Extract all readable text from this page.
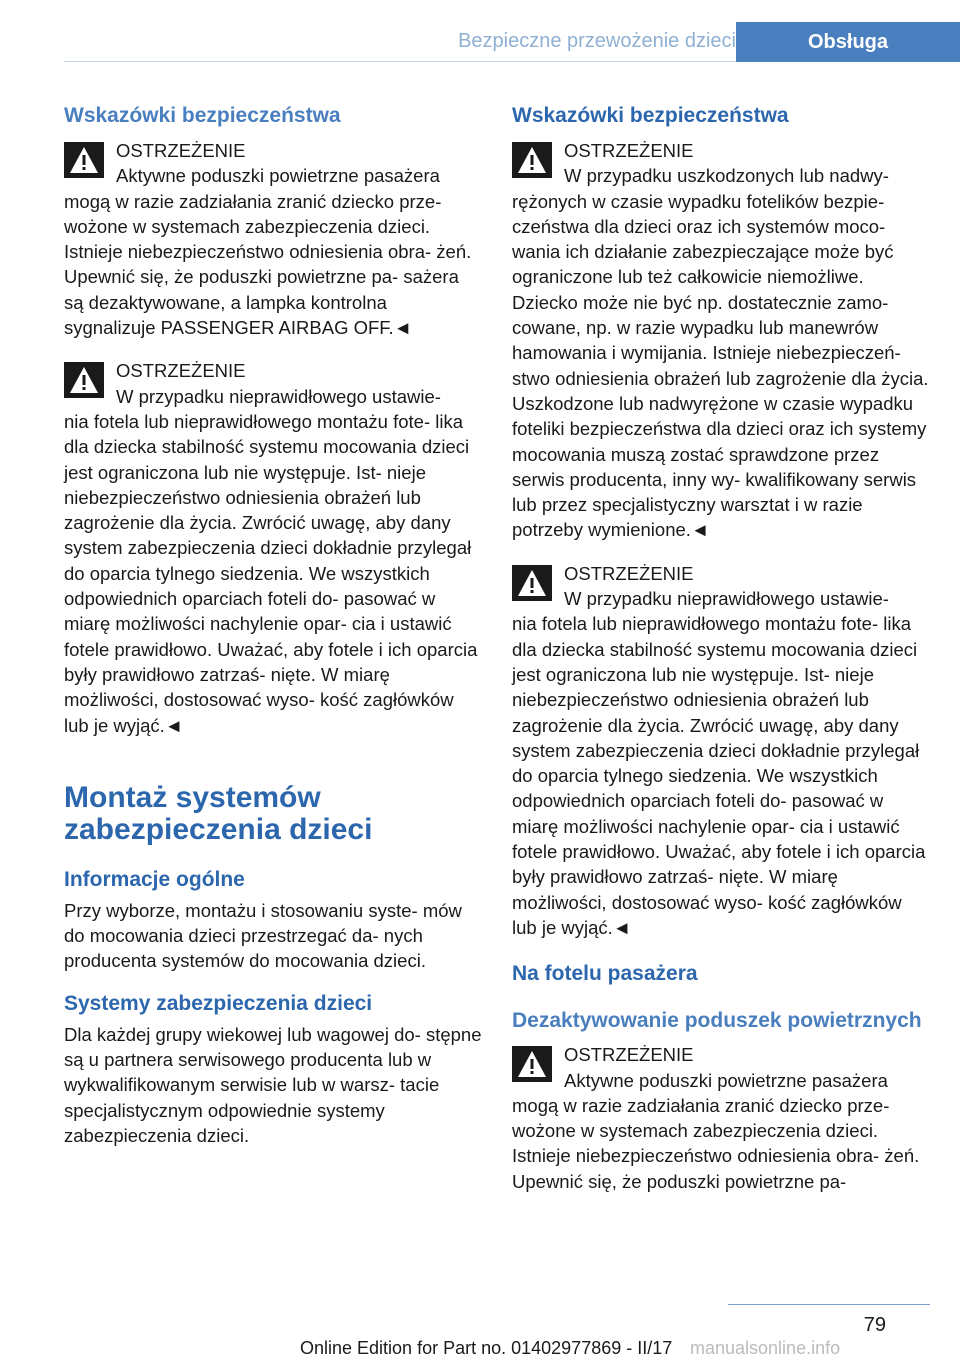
Bezpieczne przewożenie dzieci	Obsługa
Wskazówki bezpieczeństwa
OSTRZEŻENIE
Aktywne poduszki powietrzne pasażera
mogą w razie zadziałania zranić dziecko prze- wożone w systemach zabezpieczenia dzieci. Istnieje niebezpieczeństwo odniesienia obra- żeń. Upewnić się, że poduszki powietrzne pa- sażera są dezaktywowane, a lampka kontrolna sygnalizuje PASSENGER AIRBAG OFF.◄
OSTRZEŻENIE
W przypadku nieprawidłowego ustawie-
nia fotela lub nieprawidłowego montażu fote- lika dla dziecka stabilność systemu mocowania dzieci jest ograniczona lub nie występuje. Ist- nieje niebezpieczeństwo odniesienia obrażeń lub zagrożenie dla życia. Zwrócić uwagę, aby dany system zabezpieczenia dzieci dokładnie przylegał do oparcia tylnego siedzenia. We wszystkich odpowiednich oparciach foteli do- pasować w miarę możliwości nachylenie opar- cia i ustawić fotele prawidłowo. Uważać, aby fotele i ich oparcia były prawidłowo zatrzaś- nięte. W miarę możliwości, dostosować wyso- kość zagłówków lub je wyjąć.◄
Montaż systemów zabezpieczenia dzieci
Informacje ogólne

Przy wyborze, montażu i stosowaniu syste- mów do mocowania dzieci przestrzegać da- nych producenta systemów do mocowania dzieci.

Systemy zabezpieczenia dzieci

Dla każdej grupy wiekowej lub wagowej do- stępne są u partnera serwisowego producenta lub w wykwalifikowanym serwisie lub w warsz- tacie specjalistycznym odpowiednie systemy zabezpieczenia dzieci.

Wskazówki bezpieczeństwa
OSTRZEŻENIE
W przypadku uszkodzonych lub nadwy-
rężonych w czasie wypadku fotelików bezpie- czeństwa dla dzieci oraz ich systemów moco- wania ich działanie zabezpieczające może być ograniczone lub też całkowicie niemożliwe. Dziecko może nie być np. dostatecznie zamo- cowane, np. w razie wypadku lub manewrów hamowania i wymijania. Istnieje niebezpieczeń- stwo odniesienia obrażeń lub zagrożenie dla życia. Uszkodzone lub nadwyrężone w czasie wypadku foteliki bezpieczeństwa dla dzieci oraz ich systemy mocowania muszą zostać sprawdzone przez serwis producenta, inny wy- kwalifikowany serwis lub przez specjalistyczny warsztat i w razie potrzeby wymienione.◄
OSTRZEŻENIE
W przypadku nieprawidłowego ustawie-
nia fotela lub nieprawidłowego montażu fote- lika dla dziecka stabilność systemu mocowania dzieci jest ograniczona lub nie występuje. Ist- nieje niebezpieczeństwo odniesienia obrażeń lub zagrożenie dla życia. Zwrócić uwagę, aby dany system zabezpieczenia dzieci dokładnie przylegał do oparcia tylnego siedzenia. We wszystkich odpowiednich oparciach foteli do- pasować w miarę możliwości nachylenie opar- cia i ustawić fotele prawidłowo. Uważać, aby fotele i ich oparcia były prawidłowo zatrzaś- nięte. W miarę możliwości, dostosować wyso- kość zagłówków lub je wyjąć.◄
Na fotelu pasażera
Dezaktywowanie poduszek powietrznych
OSTRZEŻENIE
Aktywne poduszki powietrzne pasażera
mogą w razie zadziałania zranić dziecko prze- wożone w systemach zabezpieczenia dzieci. Istnieje niebezpieczeństwo odniesienia obra- żeń. Upewnić się, że poduszki powietrzne pa-
79
Online Edition for Part no. 01402977869 - II/17 manualsonline.info
